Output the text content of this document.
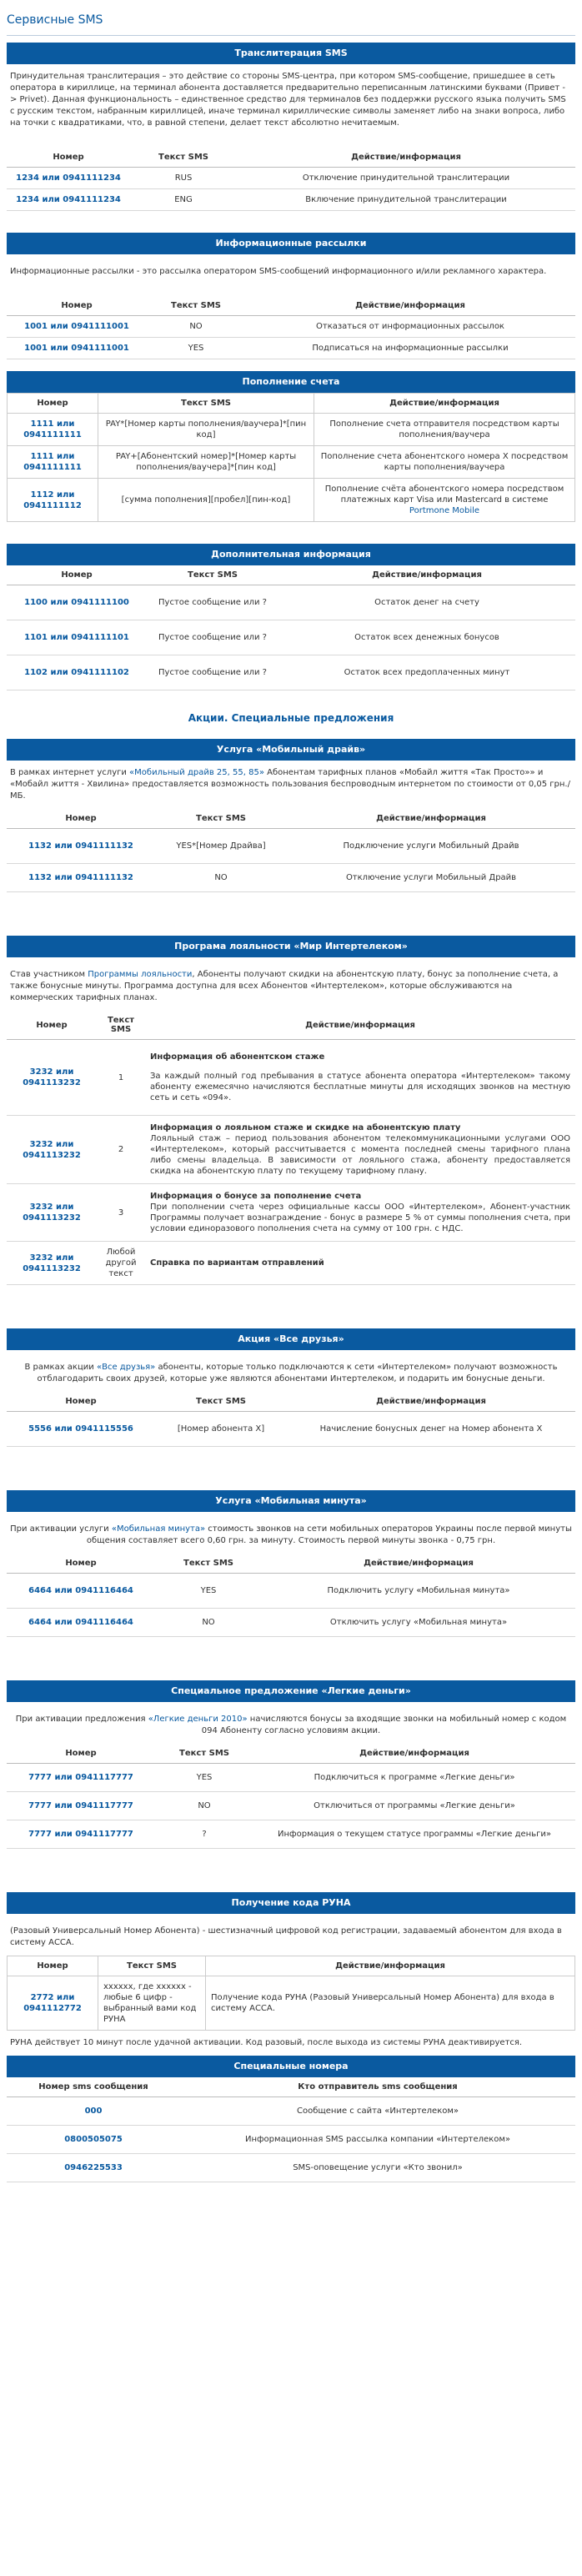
Сервисные SMS
Транслитерация SMS
Принудительная транслитерация – это действие со стороны SMS-центра, при котором SMS-сообщение, пришедшее в сеть оператора в кириллице, на терминал абонента доставляется предварительно переписанным латинскими буквами (Привет -> Privet). Данная функциональность – единственное средство для терминалов без поддержки русского языка получить SMS с русским текстом, набранным кириллицей, иначе терминал кириллические символы заменяет либо на знаки вопроса, либо на точки с квадратиками, что, в равной степени, делает текст абсолютно нечитаемым.
Номер	Текст SMS	Действие/информация
1234 или 0941111234	RUS	Отключение принудительной транслитерации
1234 или 0941111234	ENG	Включение принудительной транслитерации
Информационные рассылки
Информационные рассылки - это рассылка оператором SMS-сообщений информационного и/или рекламного характера.
Номер	Текст SMS	Действие/информация
1001 или 0941111001	NO	Отказаться от информационных рассылок
1001 или 0941111001	YES	Подписаться на информационные рассылки
Пополнение счета
Номер	Текст SMS	Действие/информация
1111 или 0941111111	PAY*[Номер карты пополнения/ваучера]*[пин код]	Пополнение счета отправителя посредством карты пополнения/ваучера
1111 или 0941111111	PAY+[Абонентский номер]*[Номер карты пополнения/ваучера]*[пин код]	Пополнение счета абонентского номера X посредством карты пополнения/ваучера
1112 или 0941111112	[сумма пополнения][пробел][пин-код]	Пополнение счёта абонентского номера посредством платежных карт Visa или Mastercard в системе Portmone Mobile
Дополнительная информация
Номер	Текст SMS	Действие/информация
1100 или 0941111100	Пустое сообщение или ?	Остаток денег на счету
1101 или 0941111101	Пустое сообщение или ?	Остаток всех денежных бонусов
1102 или 0941111102	Пустое сообщение или ?	Остаток всех предоплаченных минут
Акции. Специальные предложения
Услуга «Мобильный драйв»
В рамках интернет услуги «Мобильный драйв 25, 55, 85» Абонентам тарифных планов «Мобайл життя «Так Просто»» и «Мобайл життя - Хвилина» предоставляется возможность пользования беспроводным интернетом по стоимости от 0,05 грн./МБ.
Номер	Текст SMS	Действие/информация
1132 или 0941111132	YES*[Номер Драйва]	Подключение услуги Мобильный Драйв
1132 или 0941111132	NO	Отключение услуги Мобильный Драйв
Програма лояльности «Мир Интертелеком»
Став участником Программы лояльности, Абоненты получают скидки на абонентскую плату, бонус за пополнение счета, а также бонусные минуты. Программа доступна для всех Абонентов «Интертелеком», которые обслуживаются на коммерческих тарифных планах.
Номер	Текст SMS	Действие/информация
3232 или 0941113232	1	Информация об абонентском стаже
За каждый полный год пребывания в статусе абонента оператора «Интертелеком» такому абоненту ежемесячно начисляются бесплатные минуты для исходящих звонков на местную сеть и сеть «094».

3232 или 0941113232	2	Информация о лояльном стаже и скидке на абонентскую плату
Лояльный стаж – период пользования абонентом телекоммуникационными услугами ООО «Интертелеком», который рассчитывается с момента последней смены тарифного плана либо смены владельца. В зависимости от лояльного стажа, абоненту предоставляется скидка на абонентскую плату по текущему тарифному плану.

3232 или 0941113232	3	Информация о бонусе за пополнение счета
При пополнении счета через официальные кассы ООО «Интертелеком», Абонент-участник Программы получает вознаграждение - бонус в размере 5 % от суммы пополнения счета, при условии единоразового пополнения счета на сумму от 100 грн. с НДС.

3232 или 0941113232	Любой другой текст	Справка по вариантам отправлений
Акция «Все друзья»
В рамках акции «Все друзья» абоненты, которые только подключаются к сети «Интертелеком» получают возможность отблагодарить своих друзей, которые уже являются абонентами Интертелеком, и подарить им бонусные деньги.
Номер	Текст SMS	Действие/информация
5556 или 0941115556	[Номер абонента X]	Начисление бонусных денег на Номер абонента X
Услуга «Мобильная минута»
При активации услуги «Мобильная минута» стоимость звонков на сети мобильных операторов Украины после первой минуты общения составляет всего 0,60 грн. за минуту. Стоимость первой минуты звонка - 0,75 грн.
Номер	Текст SMS	Действие/информация
6464 или 0941116464	YES	Подключить услугу «Мобильная минута»
6464 или 0941116464	NO	Отключить услугу «Мобильная минута»
Специальное предложение «Легкие деньги»
При активации предложения «Легкие деньги 2010» начисляются бонусы за входящие звонки на мобильный номер с кодом 094 Абоненту согласно условиям акции.
Номер	Текст SMS	Действие/информация
7777 или 0941117777	YES	Подключиться к программе «Легкие деньги»
7777 или 0941117777	NO	Отключиться от программы «Легкие деньги»
7777 или 0941117777	?	Информация о текущем статусе программы «Легкие деньги»
Получение кода РУНА
(Разовый Универсальный Номер Абонента) - шестизначный цифровой код регистрации, задаваемый абонентом для входа в систему АССА.
Номер	Текст SMS	Действие/информация
2772 или 0941112772	хххххх, где хххххх - любые 6 цифр - выбранный вами код РУНА	Получение кода РУНА (Разовый Универсальный Номер Абонента) для входа в систему АССА.
РУНА действует 10 минут после удачной активации. Код разовый, после выхода из системы РУНА деактивируется.
Специальные номера
Номер sms сообщения	Кто отправитель sms сообщения
000	Сообщение с сайта «Интертелеком»
0800505075	Информационная SMS рассылка компании «Интертелеком»
0946225533	SMS-оповещение услуги «Кто звонил»
